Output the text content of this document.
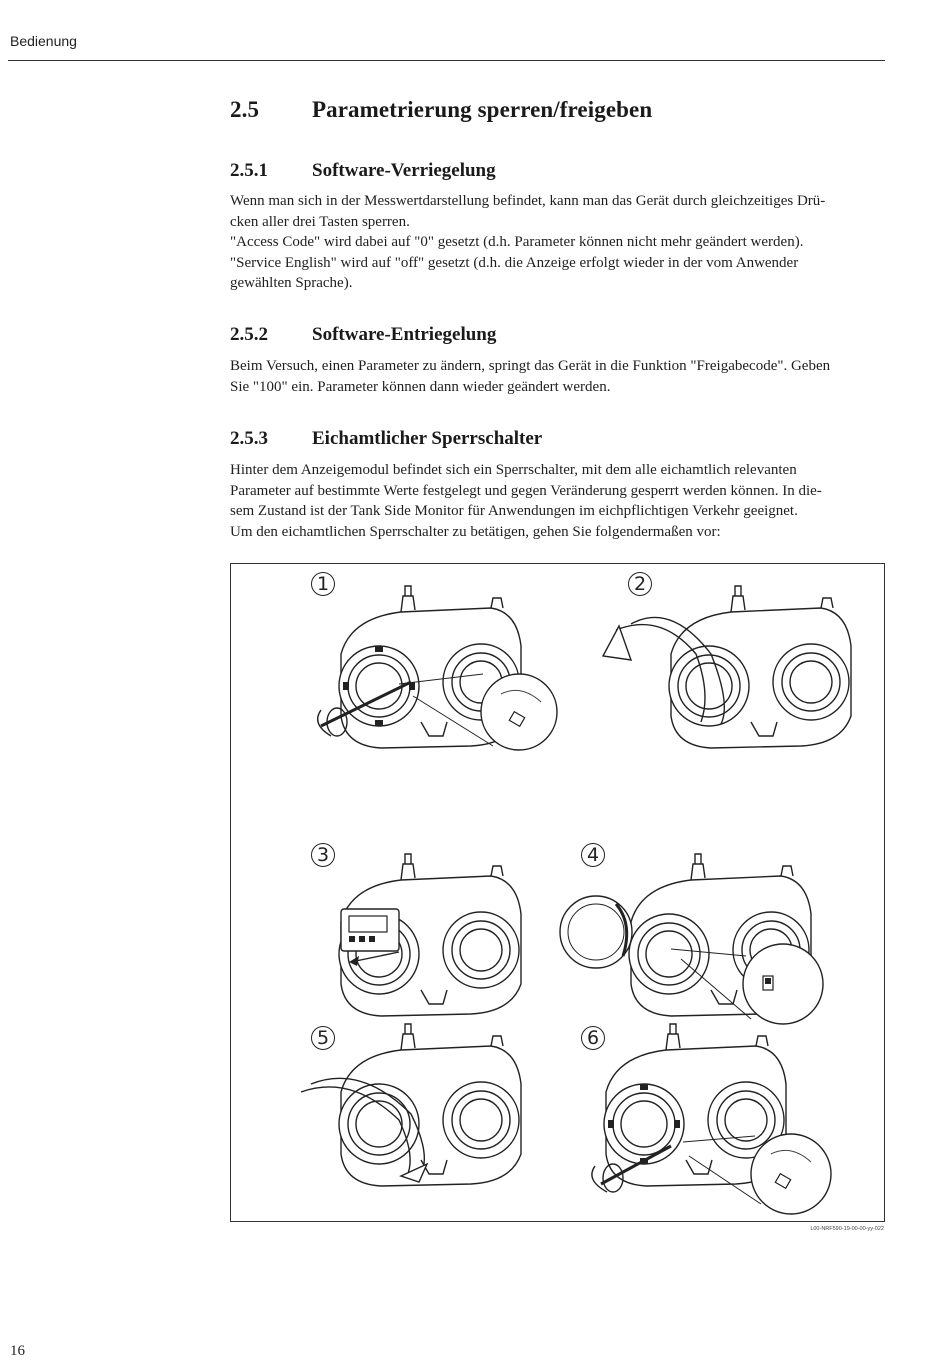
Bedienung
2.5 Parametrierung sperren/freigeben
2.5.1 Software-Verriegelung

Wenn man sich in der Messwertdarstellung befindet, kann man das Gerät durch gleichzeitiges Drü-
cken aller drei Tasten sperren.
"Access Code" wird dabei auf "0" gesetzt (d.h. Parameter können nicht mehr geändert werden).
"Service English" wird auf "off" gesetzt (d.h. die Anzeige erfolgt wieder in der vom Anwender
gewählten Sprache).

2.5.2 Software-Entriegelung

Beim Versuch, einen Parameter zu ändern, springt das Gerät in die Funktion "Freigabecode". Geben
Sie "100" ein. Parameter können dann wieder geändert werden.

2.5.3 Eichamtlicher Sperrschalter

Hinter dem Anzeigemodul befindet sich ein Sperrschalter, mit dem alle eichamtlich relevanten
Parameter auf bestimmte Werte festgelegt und gegen Veränderung gesperrt werden können. In die-
sem Zustand ist der Tank Side Monitor für Anwendungen im eichpflichtigen Verkehr geeignet.
Um den eichamtlichen Sperrschalter zu betätigen, gehen Sie folgendermaßen vor:

1	2
3	4
5	6
L00-NRF590-19-00-00-yy-022
16
